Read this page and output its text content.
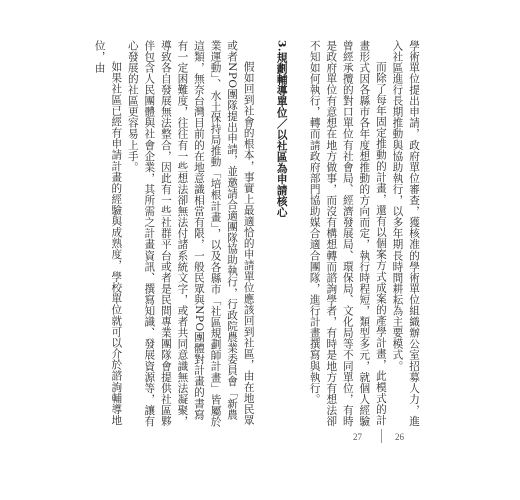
學術單位提出申請，政府單位審查，獲核准的學術單位組織辦公室招募人力，進入社區進行長期推動與協助執行，以多年期長時間耕耘為主要模式。

而除了每年固定推動的計畫，還有以個案方式成案的產學計畫，此模式的計畫形式因各縣市各年度想推動的方向而定，執行時程短，類型多元，就個人經驗曾經承攬的對口單位有社會局、經濟發展局、環保局、文化局等不同單位，有時是政府單位有意想在地方做事，而沒有構想轉而諮詢學者，有時是地方有想法卻不知如何執行，轉而請政府部門協助媒合適合團隊，進行計畫撰寫與執行。

3.規劃輔導單位／以社區為申請核心

假如回到社會的根本，事實上最適恰的申請單位應該回到社區，由在地民眾或者NPO團隊提出申請，並邀請合適團隊協助執行，行政院農業委員會「新農業運動」、水土保持局推動「培根計畫」，以及各縣市「社區規劃師計畫」皆屬於這類，無奈台灣目前的在地意識相當有限，一般民眾與NPO團體對計畫的書寫有一定困難度，往往有一些想法卻無法付諸系統文字，或者共同意識無法凝聚，導致各自發展無法整合，因此有一些社群平台或者是民間專業團隊會提供社區夥伴包含人民團體與社會企業，其所需之計畫資訊、撰寫知識、發展資源等，讓有心發展的社區更容易上手。

如果社區已經有申請計畫的經驗與成熟度，學校單位就可以介於諮詢輔導地位，由

27	26
